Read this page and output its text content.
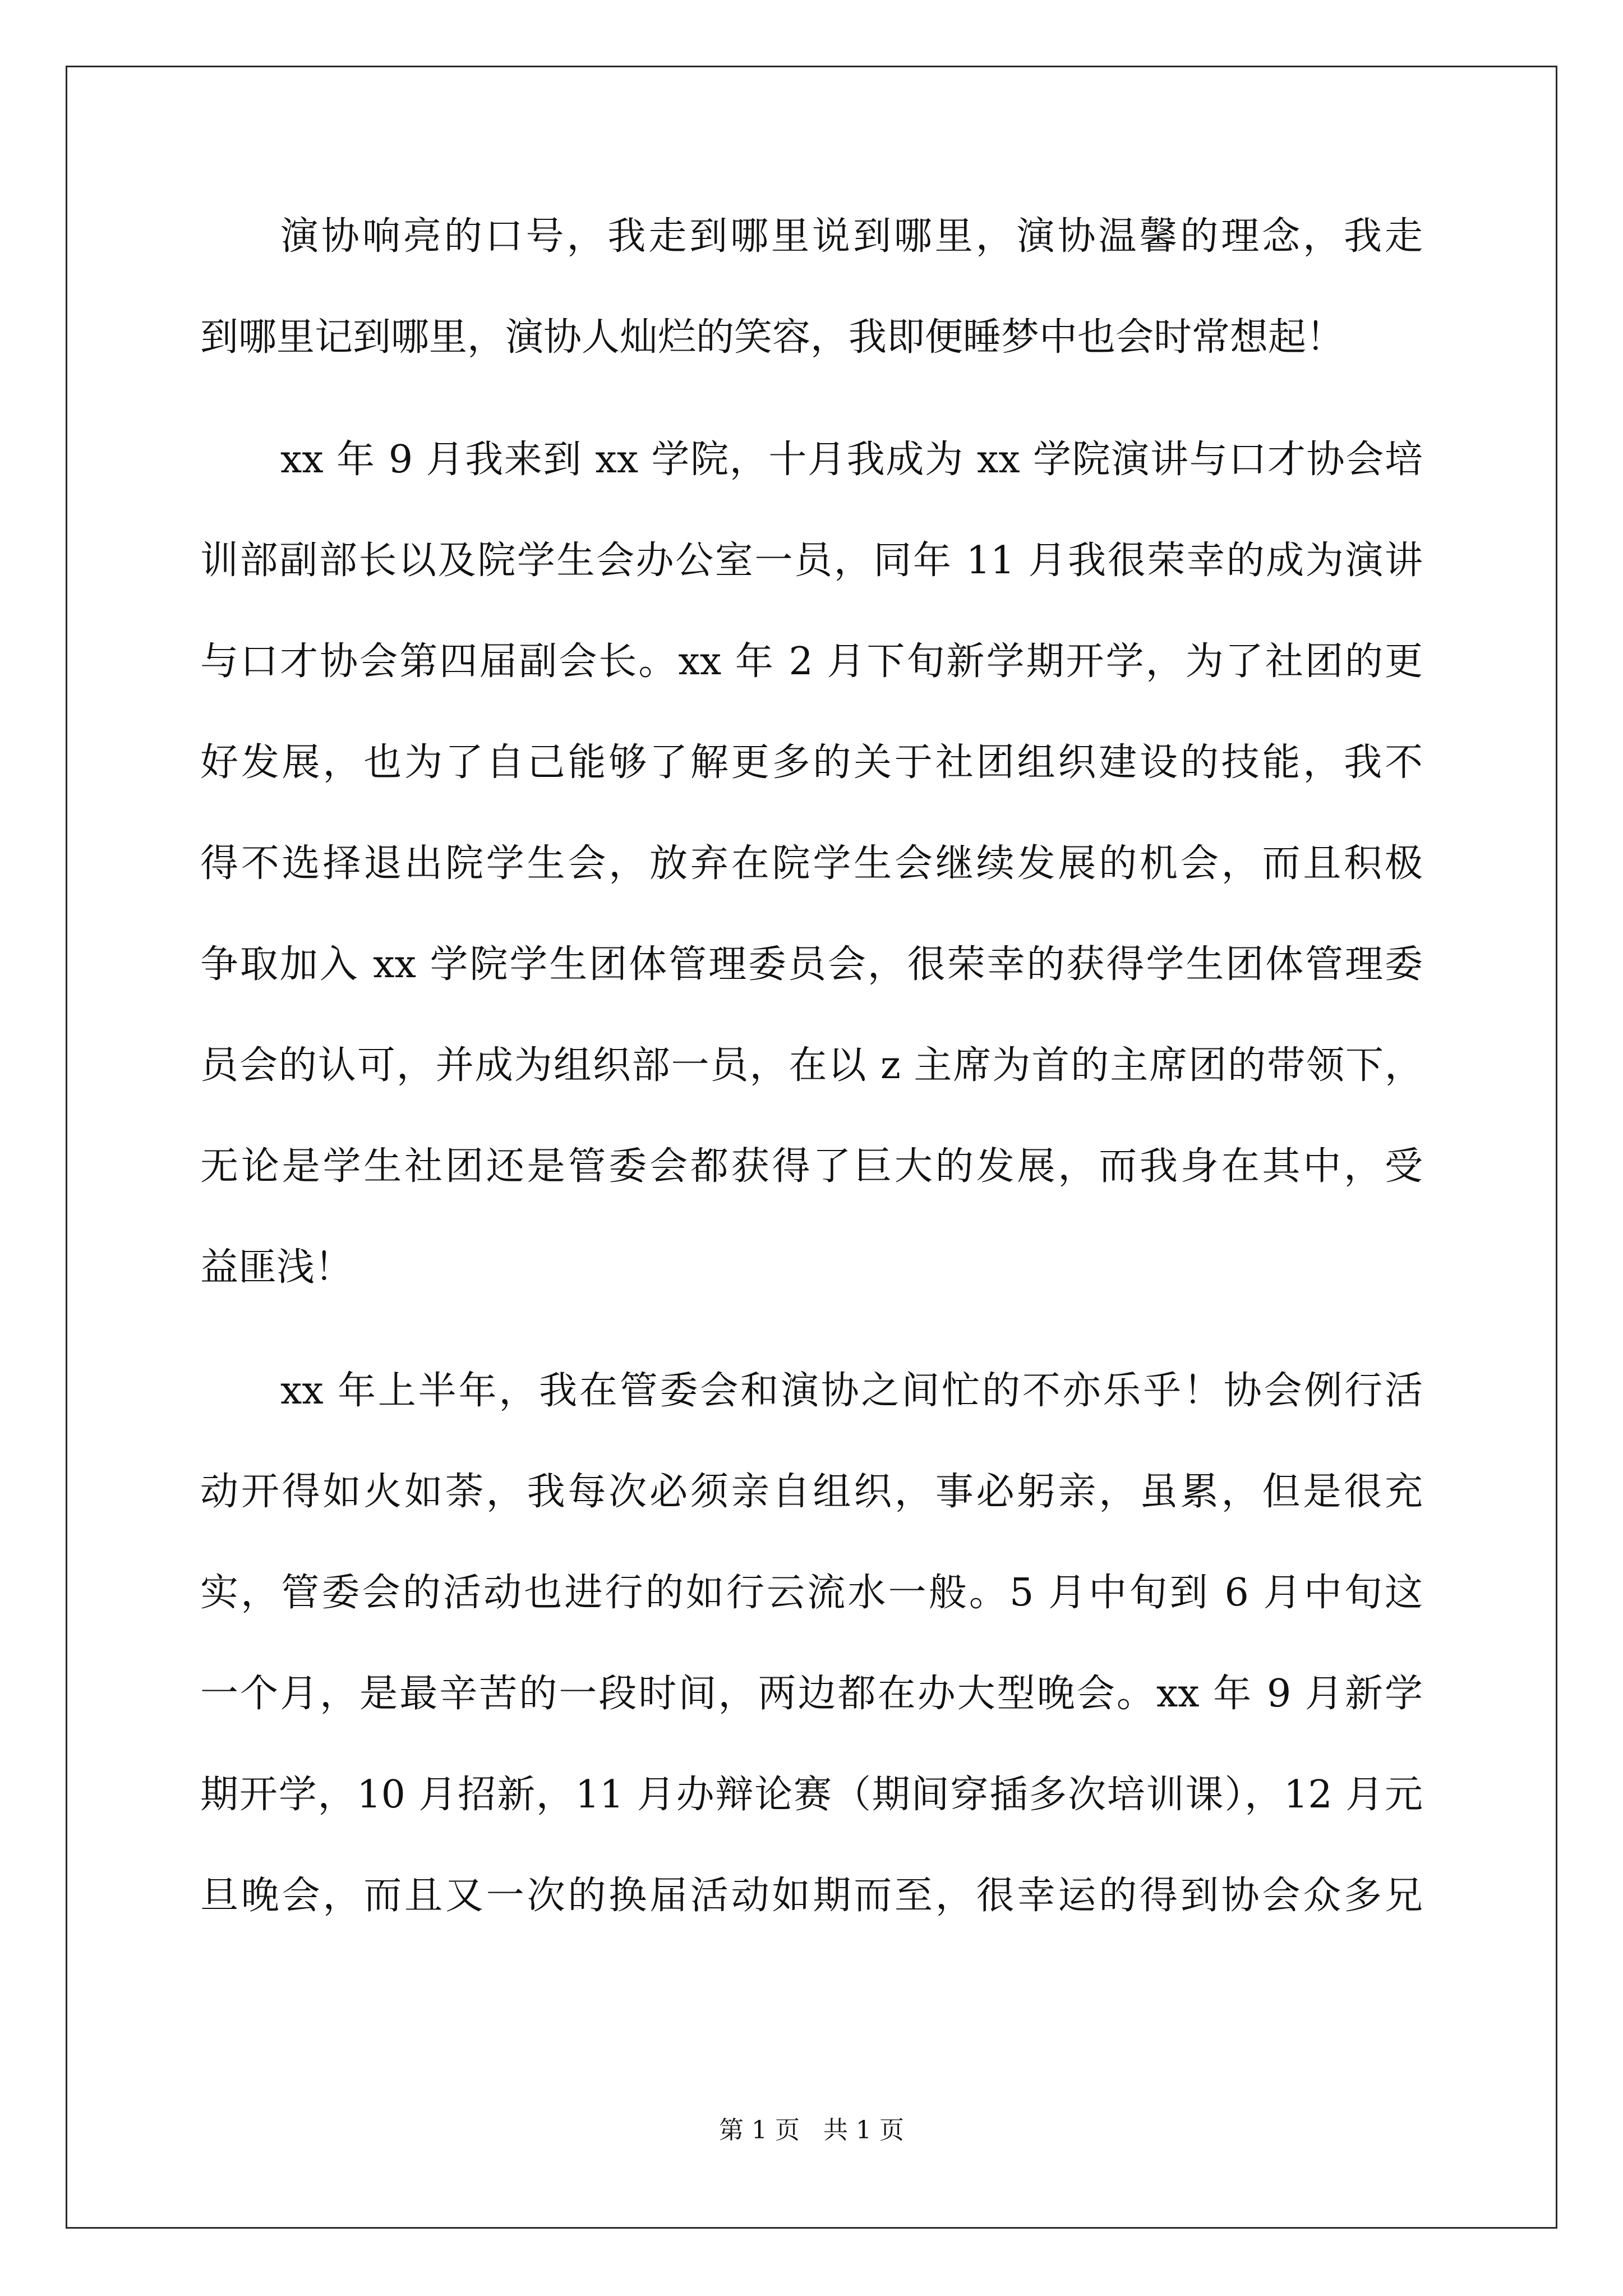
演协响亮的口号，我走到哪里说到哪里，演协温馨的理念，我走
到哪里记到哪里，演协人灿烂的笑容，我即便睡梦中也会时常想起！
xx 年 9 月我来到 xx 学院，十月我成为 xx 学院演讲与口才协会培
训部副部长以及院学生会办公室一员，同年 11 月我很荣幸的成为演讲
与口才协会第四届副会长。xx 年 2 月下旬新学期开学，为了社团的更
好发展，也为了自己能够了解更多的关于社团组织建设的技能，我不
得不选择退出院学生会，放弃在院学生会继续发展的机会，而且积极
争取加入 xx 学院学生团体管理委员会，很荣幸的获得学生团体管理委
员会的认可，并成为组织部一员，在以 z 主席为首的主席团的带领下，
无论是学生社团还是管委会都获得了巨大的发展，而我身在其中，受
益匪浅！
xx 年上半年，我在管委会和演协之间忙的不亦乐乎！协会例行活
动开得如火如荼，我每次必须亲自组织，事必躬亲，虽累，但是很充
实，管委会的活动也进行的如行云流水一般。5 月中旬到 6 月中旬这
一个月，是最辛苦的一段时间，两边都在办大型晚会。xx 年 9 月新学
期开学，10 月招新，11 月办辩论赛（期间穿插多次培训课），12 月元
旦晚会，而且又一次的换届活动如期而至，很幸运的得到协会众多兄
第 1 页   共 1 页
